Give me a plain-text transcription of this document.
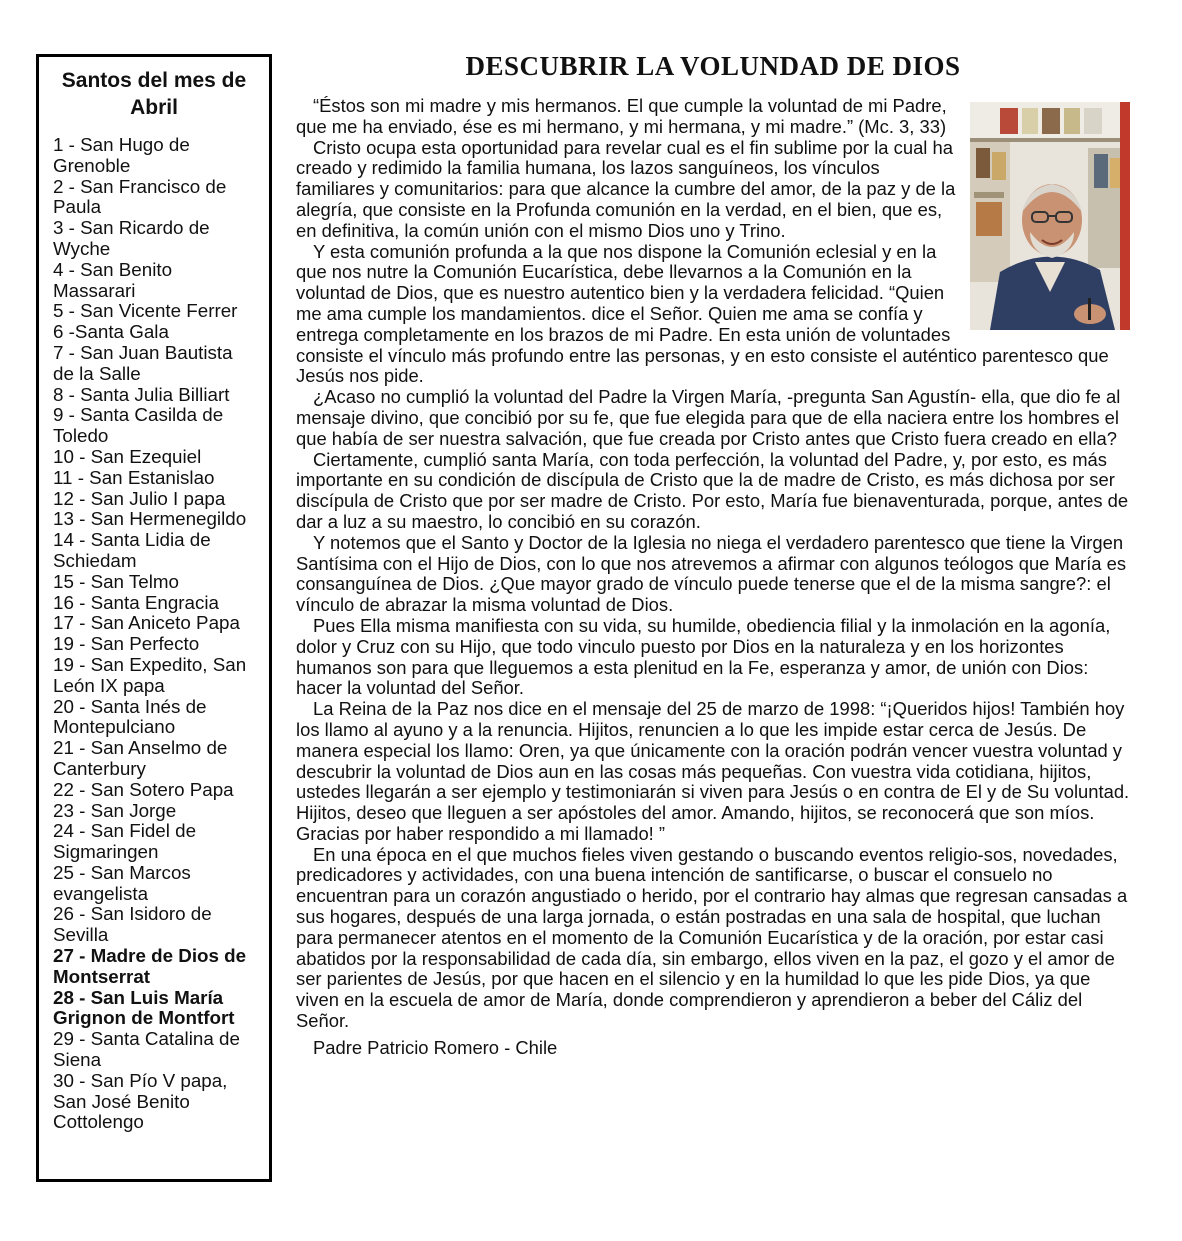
Santos del mes de Abril
1 - San Hugo de Grenoble
2 - San Francisco de Paula
3 - San Ricardo de Wyche
4 - San Benito Massarari
5 - San Vicente Ferrer
6 -Santa Gala
7 - San Juan Bautista de la Salle
8 - Santa Julia Billiart
9 - Santa Casilda de Toledo
10 - San Ezequiel
11 - San Estanislao
12 - San Julio I papa
13 - San Hermenegildo
14 - Santa Lidia de Schiedam
15 - San Telmo
16 - Santa Engracia
17 - San Aniceto Papa
19 - San Perfecto
19 - San Expedito, San León IX papa
20 - Santa Inés de Montepulciano
21 - San Anselmo de Canterbury
22 - San Sotero Papa
23 - San Jorge
24 - San Fidel de Sigmaringen
25 - San Marcos evangelista
26 - San Isidoro de Sevilla
27 - Madre de Dios de Montserrat
28 - San Luis María Grignon de Montfort
29 - Santa Catalina de Siena
30 - San Pío V papa, San José Benito Cottolengo
DESCUBRIR LA VOLUNDAD DE DIOS

“Éstos son mi madre y mis hermanos. El que cumple la voluntad de mi Padre, que me ha enviado, ése es mi hermano, y mi hermana, y mi madre.” (Mc. 3, 33)

Cristo ocupa esta oportunidad para revelar cual es el fin sublime por la cual ha creado y redimido la familia humana, los lazos sanguíneos, los vínculos familiares y comunitarios: para que alcance la cumbre del amor, de la paz y de la alegría, que consiste en la Profunda comunión en la verdad, en el bien, que es, en definitiva, la común unión con el mismo Dios uno y Trino.

Y esta comunión profunda a la que nos dispone la Comunión eclesial y en la que nos nutre la Comunión Eucarística, debe llevarnos a la Comunión en la voluntad de Dios, que es nuestro autentico bien y la verdadera felicidad. “Quien me ama cumple los mandamientos. dice el Señor. Quien me ama se confía y entrega completamente en los brazos de mi Padre. En esta unión de voluntades consiste el vínculo más profundo entre las personas, y en esto consiste el auténtico parentesco que Jesús nos pide.

¿Acaso no cumplió la voluntad del Padre la Virgen María, -pregunta San Agustín- ella, que dio fe al mensaje divino, que concibió por su fe, que fue elegida para que de ella naciera entre los hombres el que había de ser nuestra salvación, que fue creada por Cristo antes que Cristo fuera creado en ella?

Ciertamente, cumplió santa María, con toda perfección, la voluntad del Padre, y, por esto, es más importante en su condición de discípula de Cristo que la de madre de Cristo, es más dichosa por ser discípula de Cristo que por ser madre de Cristo. Por esto, María fue bienaventurada, porque, antes de dar a luz a su maestro, lo concibió en su corazón.

Y notemos que el Santo y Doctor de la Iglesia no niega el verdadero parentesco que tiene la Virgen Santísima con el Hijo de Dios, con lo que nos atrevemos a afirmar con algunos teólogos que María es consanguínea de Dios. ¿Que mayor grado de vínculo puede tenerse que el de la misma sangre?: el vínculo de abrazar la misma voluntad de Dios.

Pues Ella misma manifiesta con su vida, su humilde, obediencia filial y la inmolación en la agonía, dolor y Cruz con su Hijo, que todo vinculo puesto por Dios en la naturaleza y en los horizontes humanos son para que lleguemos a esta plenitud en la Fe, esperanza y amor, de unión con Dios: hacer la voluntad del Señor.

La Reina de la Paz nos dice en el mensaje del 25 de marzo de 1998: “¡Queridos hijos! También hoy los llamo al ayuno y a la renuncia. Hijitos, renuncien a lo que les impide estar cerca de Jesús. De manera especial los llamo: Oren, ya que únicamente con la oración podrán vencer vuestra voluntad y descubrir la voluntad de Dios aun en las cosas más pequeñas. Con vuestra vida cotidiana, hijitos, ustedes llegarán a ser ejemplo y testimoniarán si viven para Jesús o en contra de El y de Su voluntad. Hijitos, deseo que lleguen a ser apóstoles del amor. Amando, hijitos, se reconocerá que son míos. Gracias por haber respondido a mi llamado! ”

En una época en el que muchos fieles viven gestando o buscando eventos religio-sos, novedades, predicadores y actividades, con una buena intención de santificarse, o buscar el consuelo no encuentran para un corazón angustiado o herido, por el contrario hay almas que regresan cansadas a sus hogares, después de una larga jornada, o están postradas en una sala de hospital, que luchan para permanecer atentos en el momento de la Comunión Eucarística y de la oración, por estar casi abatidos por la responsabilidad de cada día, sin embargo, ellos viven en la paz, el gozo y el amor de ser parientes de Jesús, por que hacen en el silencio y en la humildad lo que les pide Dios, ya que viven en la escuela de amor de María, donde comprendieron y aprendieron a beber del Cáliz del Señor.

Padre Patricio Romero - Chile
